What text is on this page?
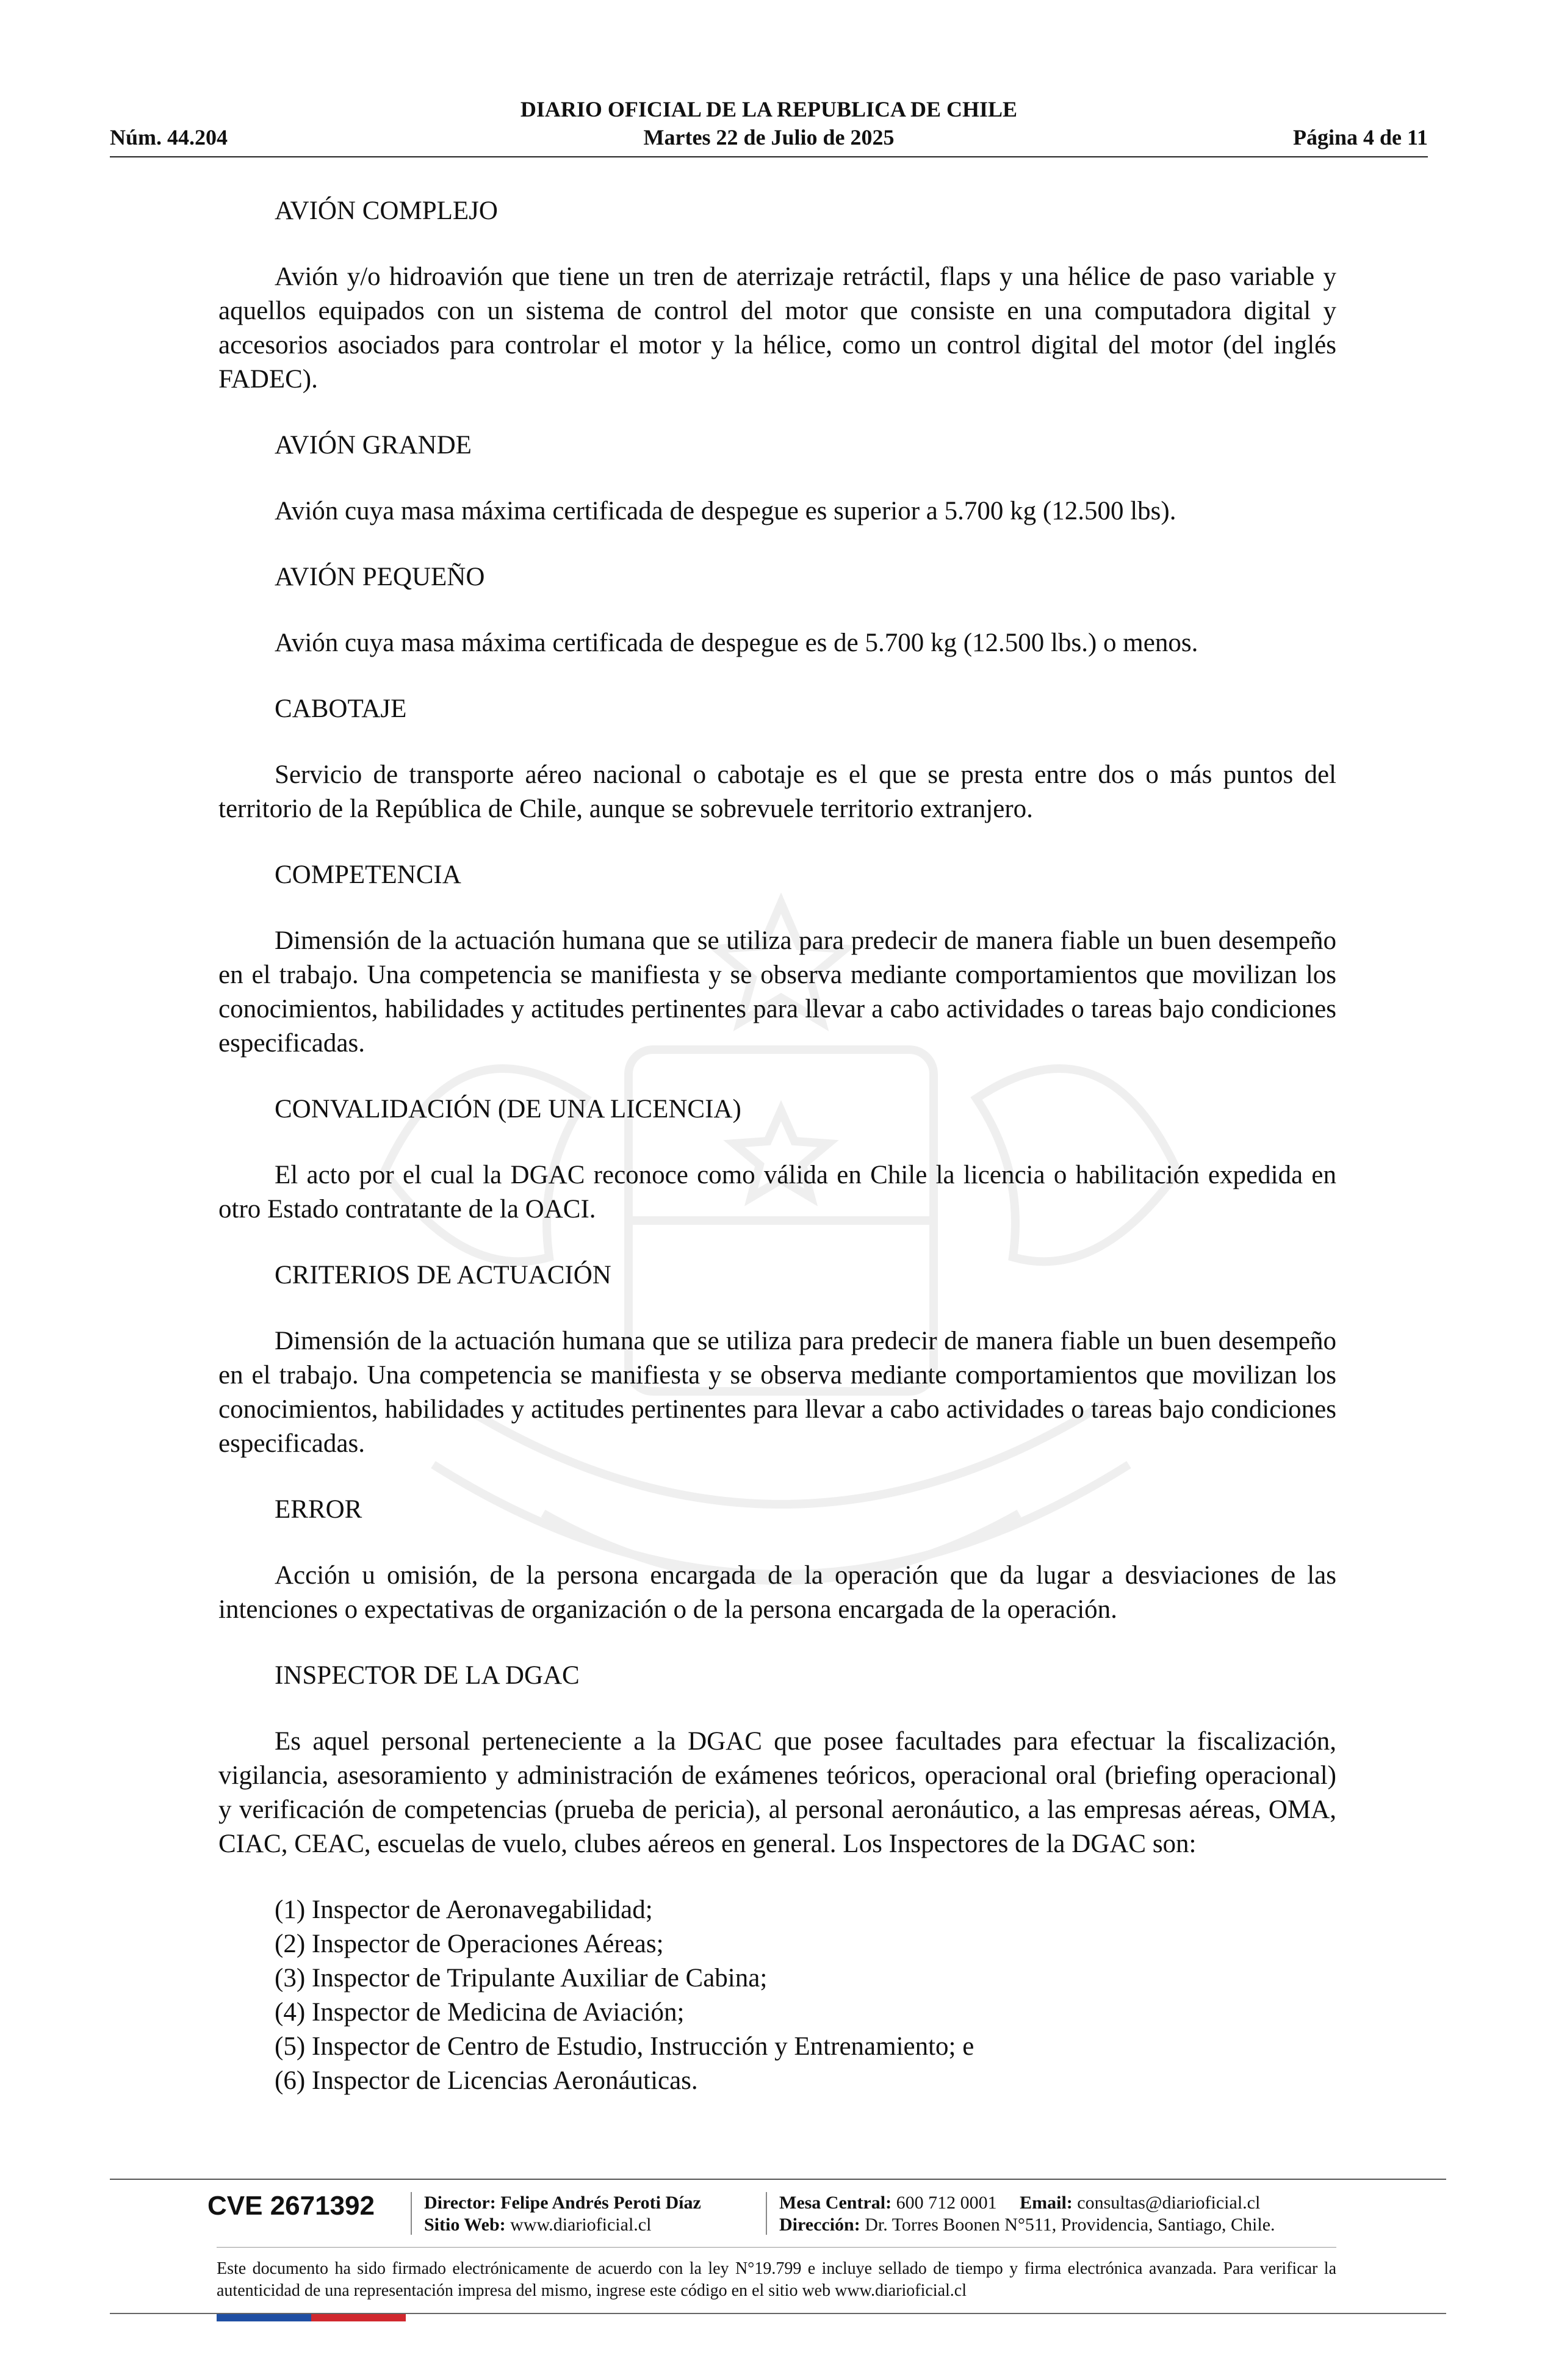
DIARIO OFICIAL DE LA REPUBLICA DE CHILE
Núm. 44.204	Martes 22 de Julio de 2025	Página 4 de 11

AVIÓN COMPLEJO

Avión y/o hidroavión que tiene un tren de aterrizaje retráctil, flaps y una hélice de paso variable y aquellos equipados con un sistema de control del motor que consiste en una computadora digital y accesorios asociados para controlar el motor y la hélice, como un control digital del motor (del inglés FADEC).

AVIÓN GRANDE

Avión cuya masa máxima certificada de despegue es superior a 5.700 kg (12.500 lbs).

AVIÓN PEQUEÑO

Avión cuya masa máxima certificada de despegue es de 5.700 kg (12.500 lbs.) o menos.

CABOTAJE

Servicio de transporte aéreo nacional o cabotaje es el que se presta entre dos o más puntos del territorio de la República de Chile, aunque se sobrevuele territorio extranjero.

COMPETENCIA

Dimensión de la actuación humana que se utiliza para predecir de manera fiable un buen desempeño en el trabajo. Una competencia se manifiesta y se observa mediante comportamientos que movilizan los conocimientos, habilidades y actitudes pertinentes para llevar a cabo actividades o tareas bajo condiciones especificadas.

CONVALIDACIÓN (DE UNA LICENCIA)

El acto por el cual la DGAC reconoce como válida en Chile la licencia o habilitación expedida en otro Estado contratante de la OACI.

CRITERIOS DE ACTUACIÓN

Dimensión de la actuación humana que se utiliza para predecir de manera fiable un buen desempeño en el trabajo. Una competencia se manifiesta y se observa mediante comportamientos que movilizan los conocimientos, habilidades y actitudes pertinentes para llevar a cabo actividades o tareas bajo condiciones especificadas.

ERROR

Acción u omisión, de la persona encargada de la operación que da lugar a desviaciones de las intenciones o expectativas de organización o de la persona encargada de la operación.

INSPECTOR DE LA DGAC

Es aquel personal perteneciente a la DGAC que posee facultades para efectuar la fiscalización, vigilancia, asesoramiento y administración de exámenes teóricos, operacional oral (briefing operacional) y verificación de competencias (prueba de pericia), al personal aeronáutico, a las empresas aéreas, OMA, CIAC, CEAC, escuelas de vuelo, clubes aéreos en general. Los Inspectores de la DGAC son:

(1) Inspector de Aeronavegabilidad;
(2) Inspector de Operaciones Aéreas;
(3) Inspector de Tripulante Auxiliar de Cabina;
(4) Inspector de Medicina de Aviación;
(5) Inspector de Centro de Estudio, Instrucción y Entrenamiento; e
(6) Inspector de Licencias Aeronáuticas.
CVE 2671392	Director: Felipe Andrés Peroti Díaz
Sitio Web: www.diarioficial.cl
Mesa Central: 600 712 0001 Email: consultas@diarioficial.cl
Dirección: Dr. Torres Boonen N°511, Providencia, Santiago, Chile.
Este documento ha sido firmado electrónicamente de acuerdo con la ley N°19.799 e incluye sellado de tiempo y firma electrónica avanzada. Para verificar la autenticidad de una representación impresa del mismo, ingrese este código en el sitio web www.diarioficial.cl
